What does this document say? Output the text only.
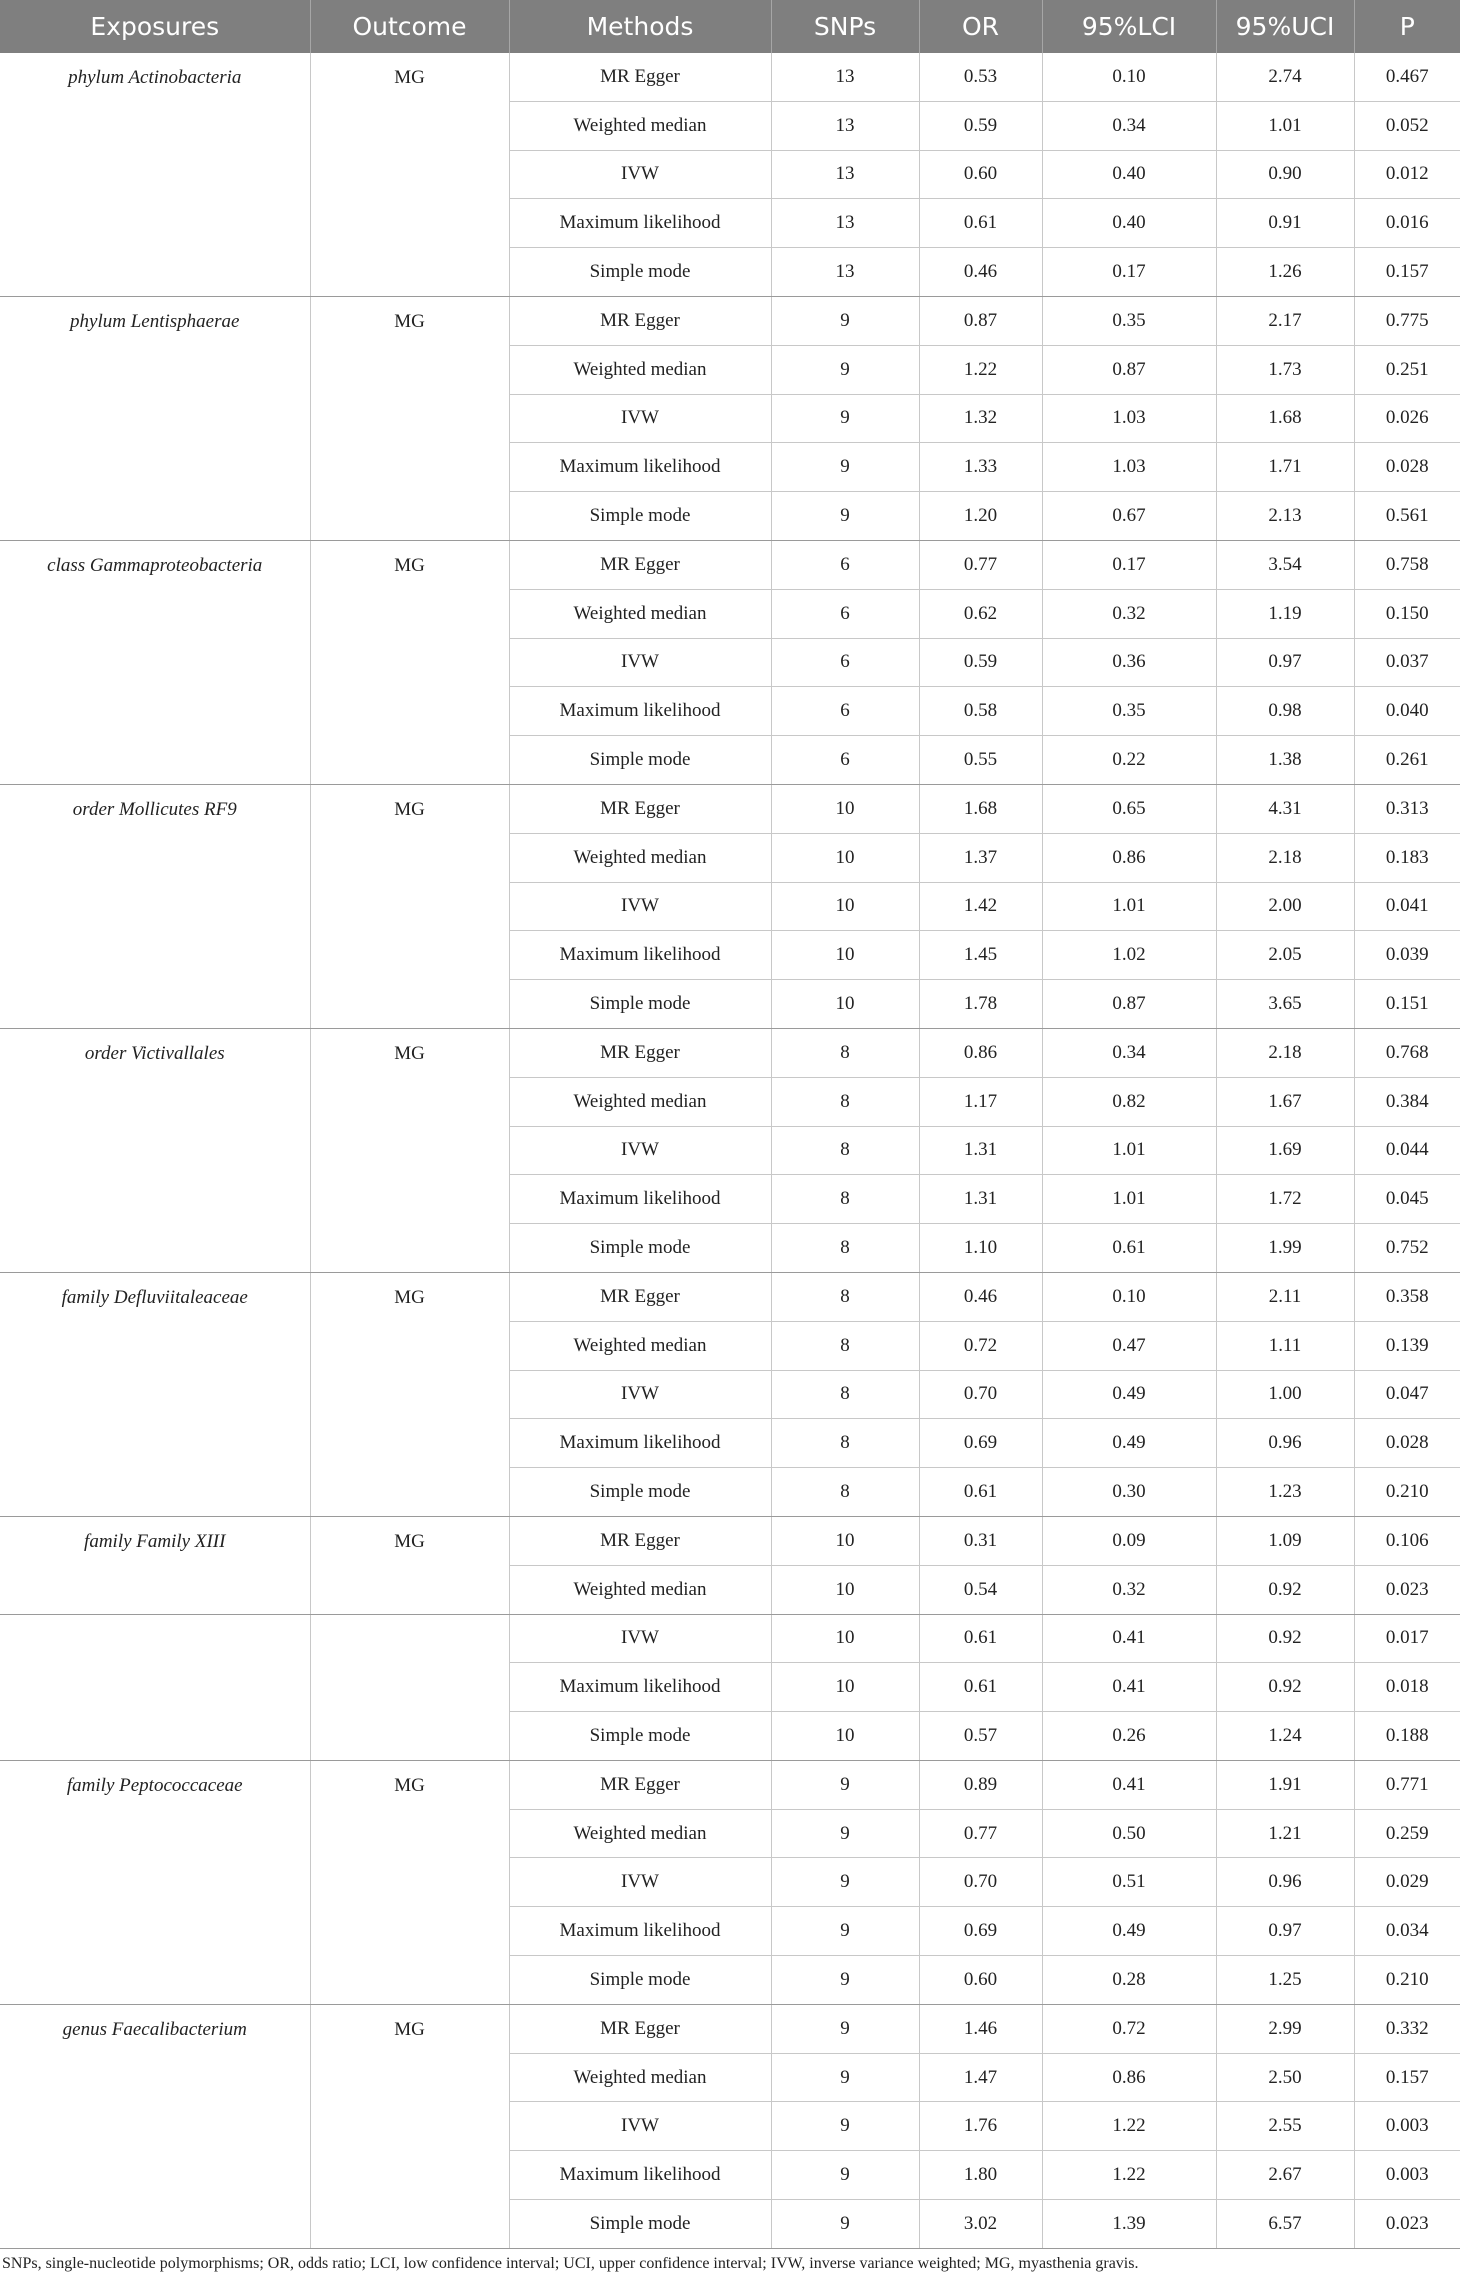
Exposures	Outcome	Methods	SNPs	OR	95%LCI	95%UCI	P
phylum Actinobacteria	MG	MR Egger	13	0.53	0.10	2.74	0.467
		Weighted median	13	0.59	0.34	1.01	0.052
		IVW	13	0.60	0.40	0.90	0.012
		Maximum likelihood	13	0.61	0.40	0.91	0.016
		Simple mode	13	0.46	0.17	1.26	0.157
phylum Lentisphaerae	MG	MR Egger	9	0.87	0.35	2.17	0.775
		Weighted median	9	1.22	0.87	1.73	0.251
		IVW	9	1.32	1.03	1.68	0.026
		Maximum likelihood	9	1.33	1.03	1.71	0.028
		Simple mode	9	1.20	0.67	2.13	0.561
class Gammaproteobacteria	MG	MR Egger	6	0.77	0.17	3.54	0.758
		Weighted median	6	0.62	0.32	1.19	0.150
		IVW	6	0.59	0.36	0.97	0.037
		Maximum likelihood	6	0.58	0.35	0.98	0.040
		Simple mode	6	0.55	0.22	1.38	0.261
order Mollicutes RF9	MG	MR Egger	10	1.68	0.65	4.31	0.313
		Weighted median	10	1.37	0.86	2.18	0.183
		IVW	10	1.42	1.01	2.00	0.041
		Maximum likelihood	10	1.45	1.02	2.05	0.039
		Simple mode	10	1.78	0.87	3.65	0.151
order Victivallales	MG	MR Egger	8	0.86	0.34	2.18	0.768
		Weighted median	8	1.17	0.82	1.67	0.384
		IVW	8	1.31	1.01	1.69	0.044
		Maximum likelihood	8	1.31	1.01	1.72	0.045
		Simple mode	8	1.10	0.61	1.99	0.752
family Defluviitaleaceae	MG	MR Egger	8	0.46	0.10	2.11	0.358
		Weighted median	8	0.72	0.47	1.11	0.139
		IVW	8	0.70	0.49	1.00	0.047
		Maximum likelihood	8	0.69	0.49	0.96	0.028
		Simple mode	8	0.61	0.30	1.23	0.210
family Family XIII	MG	MR Egger	10	0.31	0.09	1.09	0.106
		Weighted median	10	0.54	0.32	0.92	0.023
		IVW	10	0.61	0.41	0.92	0.017
		Maximum likelihood	10	0.61	0.41	0.92	0.018
		Simple mode	10	0.57	0.26	1.24	0.188
family Peptococcaceae	MG	MR Egger	9	0.89	0.41	1.91	0.771
		Weighted median	9	0.77	0.50	1.21	0.259
		IVW	9	0.70	0.51	0.96	0.029
		Maximum likelihood	9	0.69	0.49	0.97	0.034
		Simple mode	9	0.60	0.28	1.25	0.210
genus Faecalibacterium	MG	MR Egger	9	1.46	0.72	2.99	0.332
		Weighted median	9	1.47	0.86	2.50	0.157
		IVW	9	1.76	1.22	2.55	0.003
		Maximum likelihood	9	1.80	1.22	2.67	0.003
		Simple mode	9	3.02	1.39	6.57	0.023
SNPs, single-nucleotide polymorphisms; OR, odds ratio; LCI, low confidence interval; UCI, upper confidence interval; IVW, inverse variance weighted; MG, myasthenia gravis.
